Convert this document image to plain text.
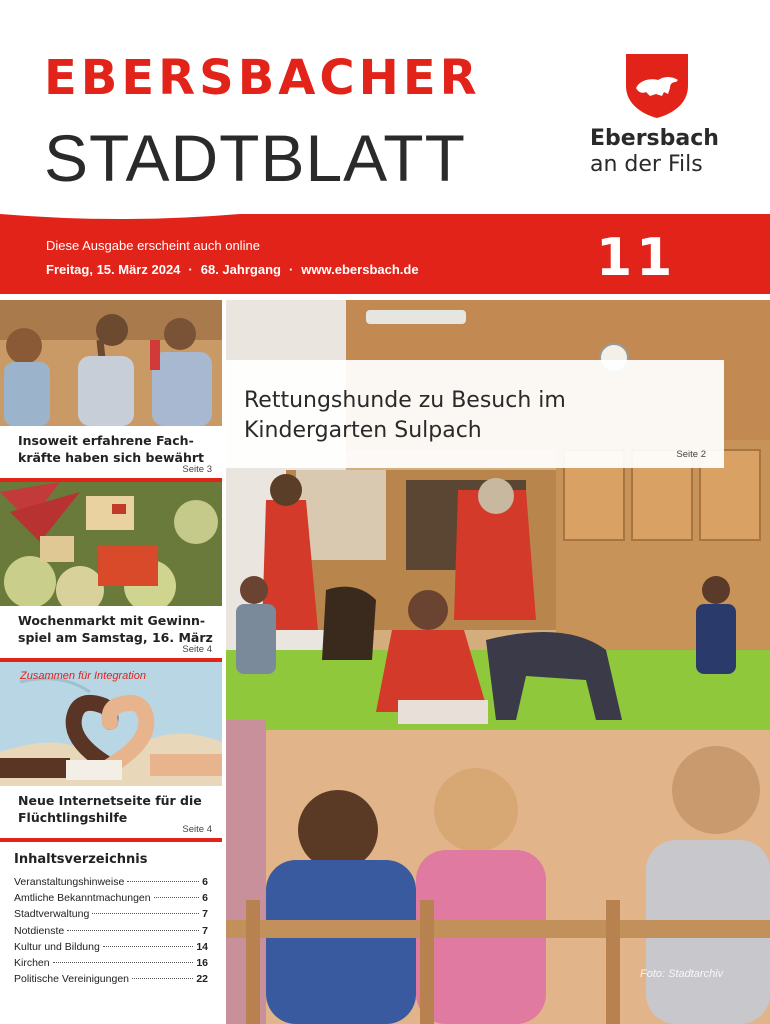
EBERSBACHER
STADTBLATT	Ebersbach
an der Fils
Diese Ausgabe erscheint auch online
Freitag, 15. März 2024 · 68. Jahrgang · www.ebersbach.de	11
Insoweit erfahrene Fachkräfte haben sich bewährt
Seite 3
Wochenmarkt mit Gewinnspiel am Samstag, 16. März
Seite 4
Zusammen für Integration
Neue Internetseite für die Flüchtlingshilfe
Seite 4
Inhaltsverzeichnis
Veranstaltungshinweise	6
Amtliche Bekanntmachungen	6
Stadtverwaltung	7
Notdienste	7
Kultur und Bildung	14
Kirchen	16
Politische Vereinigungen	22
Rettungshunde zu Besuch im Kindergarten Sulpach
Seite 2
Foto: Stadtarchiv
